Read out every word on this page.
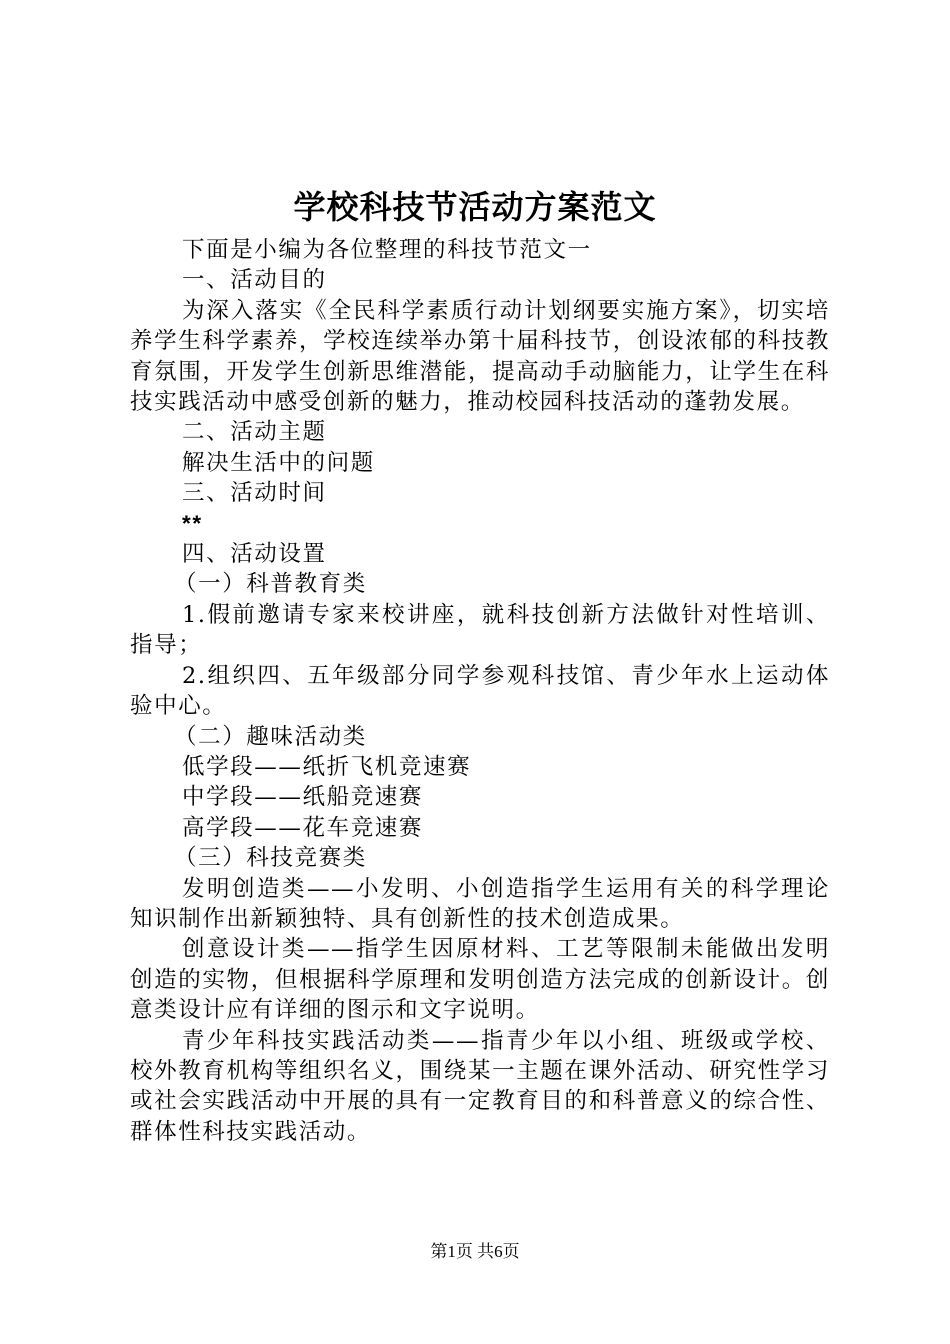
学校科技节活动方案范文

下面是小编为各位整理的科技节范文一

一、活动目的

为深入落实《全民科学素质行动计划纲要实施方案》，切实培养学生科学素养，学校连续举办第十届科技节，创设浓郁的科技教育氛围，开发学生创新思维潜能，提高动手动脑能力，让学生在科技实践活动中感受创新的魅力，推动校园科技活动的蓬勃发展。

二、活动主题

解决生活中的问题

三、活动时间

**

四、活动设置

（一）科普教育类

1.假前邀请专家来校讲座，就科技创新方法做针对性培训、指导；

2.组织四、五年级部分同学参观科技馆、青少年水上运动体验中心。

（二）趣味活动类

低学段——纸折飞机竞速赛

中学段——纸船竞速赛

高学段——花车竞速赛

（三）科技竞赛类

发明创造类——小发明、小创造指学生运用有关的科学理论知识制作出新颖独特、具有创新性的技术创造成果。

创意设计类——指学生因原材料、工艺等限制未能做出发明创造的实物，但根据科学原理和发明创造方法完成的创新设计。创意类设计应有详细的图示和文字说明。

青少年科技实践活动类——指青少年以小组、班级或学校、校外教育机构等组织名义，围绕某一主题在课外活动、研究性学习或社会实践活动中开展的具有一定教育目的和科普意义的综合性、群体性科技实践活动。

第1页 共6页
